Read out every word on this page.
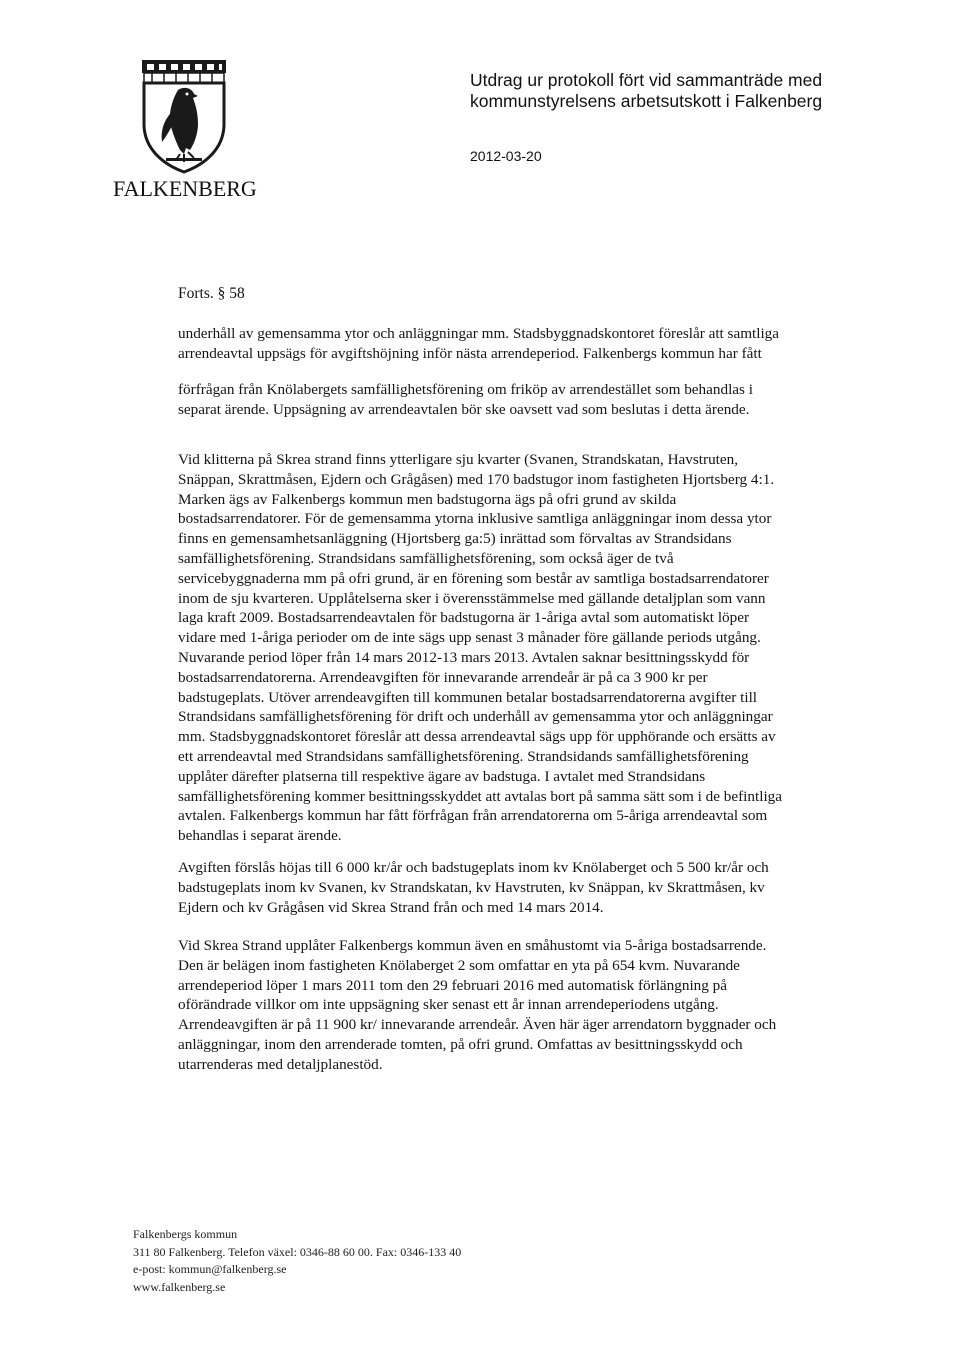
FALKENBERG
Utdrag ur protokoll fört vid sammanträde med
kommunstyrelsens arbetsutskott i Falkenberg
2012-03-20
Forts. § 58
underhåll av gemensamma ytor och anläggningar mm. Stadsbyggnadskontoret föreslår att samtliga
arrendeavtal uppsägs för avgiftshöjning inför nästa arrendeperiod. Falkenbergs kommun har fått
förfrågan från Knölabergets samfällighetsförening om friköp av arrendestället som behandlas i
separat ärende. Uppsägning av arrendeavtalen bör ske oavsett vad som beslutas i detta ärende.
Vid klitterna på Skrea strand finns ytterligare sju kvarter (Svanen, Strandskatan, Havstruten,
Snäppan, Skrattmåsen, Ejdern och Grågåsen) med 170 badstugor inom fastigheten Hjortsberg 4:1.
Marken ägs av Falkenbergs kommun men badstugorna ägs på ofri grund av skilda
bostadsarrendatorer. För de gemensamma ytorna inklusive samtliga anläggningar inom dessa ytor
finns en gemensamhetsanläggning (Hjortsberg ga:5) inrättad som förvaltas av Strandsidans
samfällighetsförening. Strandsidans samfällighetsförening, som också äger de två
servicebyggnaderna mm på ofri grund, är en förening som består av samtliga bostadsarrendatorer
inom de sju kvarteren. Upplåtelserna sker i överensstämmelse med gällande detaljplan som vann
laga kraft 2009. Bostadsarrendeavtalen för badstugorna är 1-åriga avtal som automatiskt löper
vidare med 1-åriga perioder om de inte sägs upp senast 3 månader före gällande periods utgång.
Nuvarande period löper från 14 mars 2012-13 mars 2013. Avtalen saknar besittningsskydd för
bostadsarrendatorerna. Arrendeavgiften för innevarande arrendeår är på ca 3 900 kr per
badstugeplats. Utöver arrendeavgiften till kommunen betalar bostadsarrendatorerna avgifter till
Strandsidans samfällighetsförening för drift och underhåll av gemensamma ytor och anläggningar
mm. Stadsbyggnadskontoret föreslår att dessa arrendeavtal sägs upp för upphörande och ersätts av
ett arrendeavtal med Strandsidans samfällighetsförening. Strandsidands samfällighetsförening
upplåter därefter platserna till respektive ägare av badstuga. I avtalet med Strandsidans
samfällighetsförening kommer besittningsskyddet att avtalas bort på samma sätt som i de befintliga
avtalen. Falkenbergs kommun har fått förfrågan från arrendatorerna om 5-åriga arrendeavtal som
behandlas i separat ärende.
Avgiften förslås höjas till 6 000 kr/år och badstugeplats inom kv Knölaberget och 5 500 kr/år och
badstugeplats inom kv Svanen, kv Strandskatan, kv Havstruten, kv Snäppan, kv Skrattmåsen, kv
Ejdern och kv Grågåsen vid Skrea Strand från och med 14 mars 2014.
Vid Skrea Strand upplåter Falkenbergs kommun även en småhustomt via 5-åriga bostadsarrende.
Den är belägen inom fastigheten Knölaberget 2 som omfattar en yta på 654 kvm. Nuvarande
arrendeperiod löper 1 mars 2011 tom den 29 februari 2016 med automatisk förlängning på
oförändrade villkor om inte uppsägning sker senast ett år innan arrendeperiodens utgång.
Arrendeavgiften är på 11 900 kr/ innevarande arrendeår. Även här äger arrendatorn byggnader och
anläggningar, inom den arrenderade tomten, på ofri grund. Omfattas av besittningsskydd och
utarrenderas med detaljplanestöd.
Falkenbergs kommun
311 80 Falkenberg. Telefon växel: 0346-88 60 00. Fax: 0346-133 40
e-post: kommun@falkenberg.se
www.falkenberg.se
